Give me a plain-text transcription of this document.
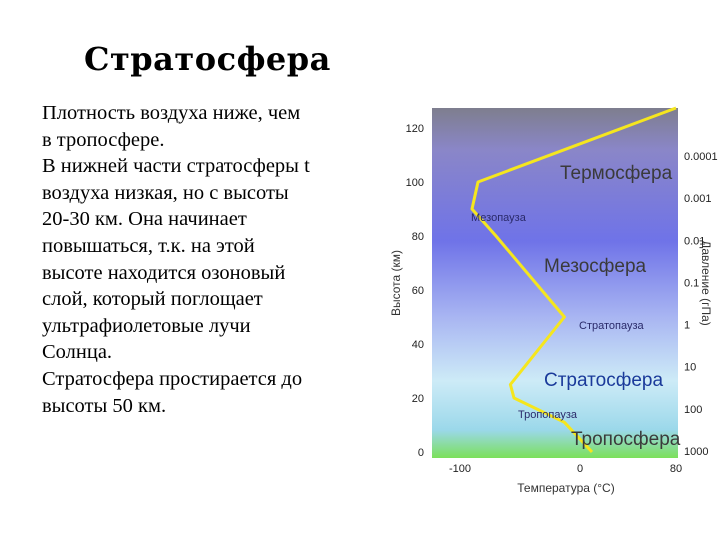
Стратосфера
Плотность воздуха ниже, чем
в тропосфере.
В нижней части стратосферы t
воздуха низкая, но с высоты
20-30 км. Она начинает
повышаться, т.к. на этой
высоте находится озоновый
слой, который поглощает
ультрафиолетовые лучи
Солнца.
Стратосфера простирается до
высоты 50 км.
Высота (км)	Давление (гПа)
Температура (°C)
0
20
40
60
80
100
120
-100	0	80
1000
100
10
1
0.1
0.01
0.001
0.0001
Термосфера
Мезосфера
Стратосфера
Тропосфера
Мезопауза
Стратопауза
Тропопауза
